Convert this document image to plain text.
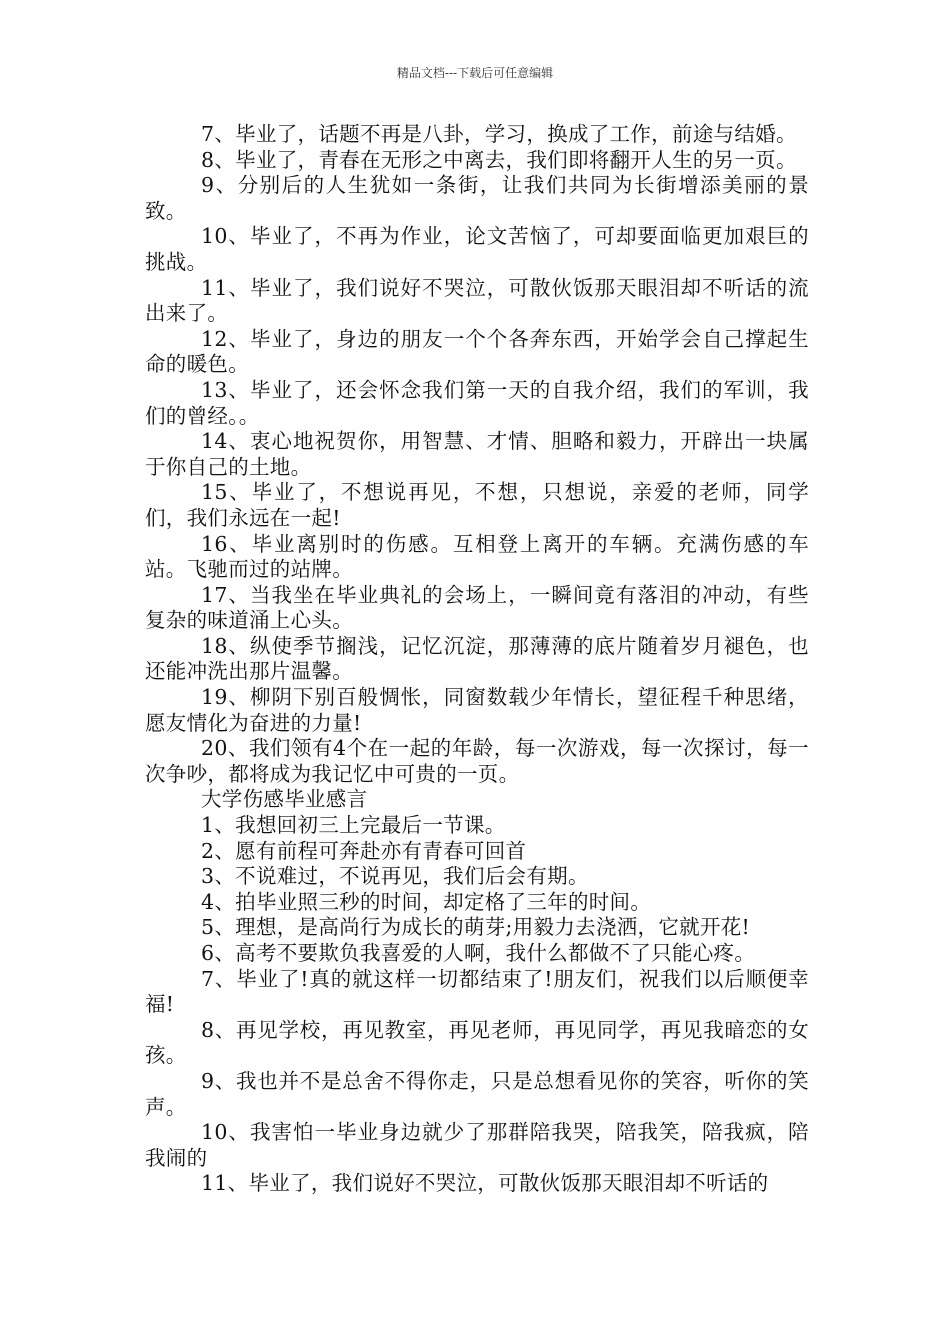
精品文档---下载后可任意编辑

7、毕业了，话题不再是八卦，学习，换成了工作，前途与结婚。

8、毕业了，青春在无形之中离去，我们即将翻开人生的另一页。

9、分别后的人生犹如一条街，让我们共同为长街增添美丽的景致。

10、毕业了，不再为作业，论文苦恼了，可却要面临更加艰巨的挑战。

11、毕业了，我们说好不哭泣，可散伙饭那天眼泪却不听话的流出来了。

12、毕业了，身边的朋友一个个各奔东西，开始学会自己撑起生命的暖色。

13、毕业了，还会怀念我们第一天的自我介绍，我们的军训，我们的曾经。。

14、衷心地祝贺你，用智慧、才情、胆略和毅力，开辟出一块属于你自己的土地。

15、毕业了，不想说再见，不想，只想说，亲爱的老师，同学们，我们永远在一起!

16、毕业离别时的伤感。互相登上离开的车辆。充满伤感的车站。飞驰而过的站牌。

17、当我坐在毕业典礼的会场上，一瞬间竟有落泪的冲动，有些复杂的味道涌上心头。

18、纵使季节搁浅，记忆沉淀，那薄薄的底片随着岁月褪色，也还能冲洗出那片温馨。

19、柳阴下别百般惆怅，同窗数载少年情长，望征程千种思绪，愿友情化为奋进的力量!

20、我们领有4个在一起的年龄，每一次游戏，每一次探讨，每一次争吵，都将成为我记忆中可贵的一页。

大学伤感毕业感言

1、我想回初三上完最后一节课。

2、愿有前程可奔赴亦有青春可回首

3、不说难过，不说再见，我们后会有期。

4、拍毕业照三秒的时间，却定格了三年的时间。

5、理想，是高尚行为成长的萌芽;用毅力去浇洒，它就开花!

6、高考不要欺负我喜爱的人啊，我什么都做不了只能心疼。

7、毕业了!真的就这样一切都结束了!朋友们，祝我们以后顺便幸福!

8、再见学校，再见教室，再见老师，再见同学，再见我暗恋的女孩。

9、我也并不是总舍不得你走，只是总想看见你的笑容，听你的笑声。

10、我害怕一毕业身边就少了那群陪我哭，陪我笑，陪我疯，陪我闹的

11、毕业了，我们说好不哭泣，可散伙饭那天眼泪却不听话的
